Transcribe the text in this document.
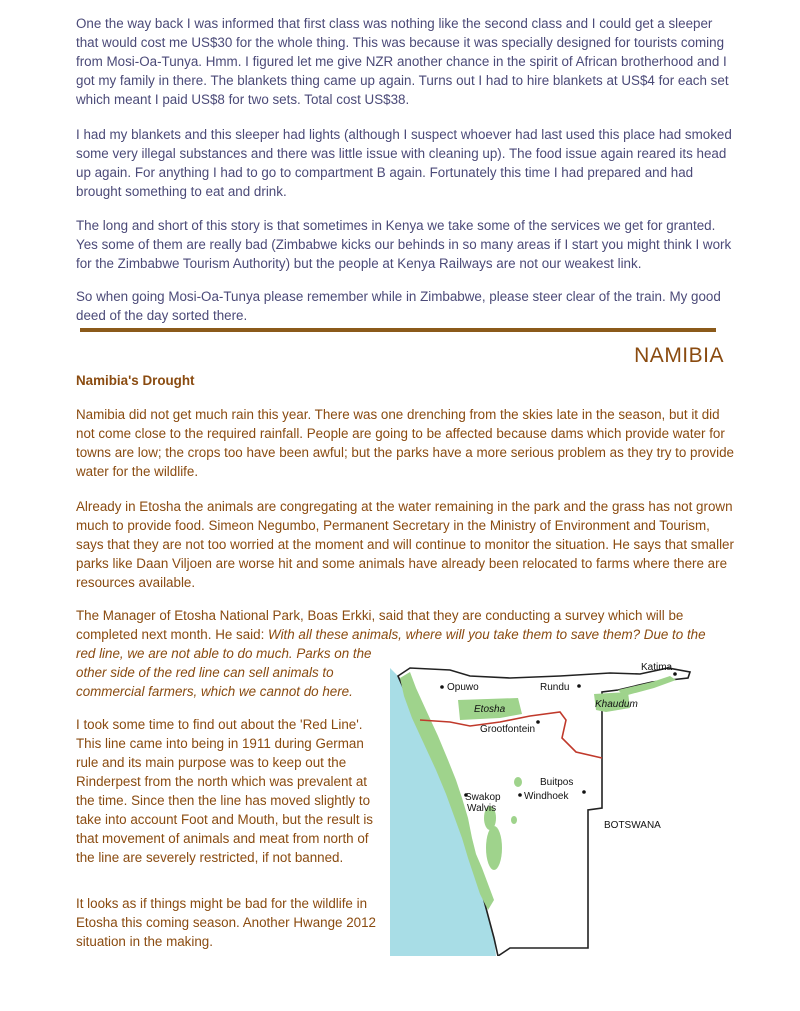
One the way back I was informed that first class was nothing like the second class and I could get a sleeper that would cost me US$30 for the whole thing. This was because it was specially designed for tourists coming from Mosi-Oa-Tunya. Hmm. I figured let me give NZR another chance in the spirit of African brotherhood and I got my family in there. The blankets thing came up again. Turns out I had to hire blankets at US$4 for each set which meant I paid US$8 for two sets. Total cost US$38.

I had my blankets and this sleeper had lights (although I suspect whoever had last used this place had smoked some very illegal substances and there was little issue with cleaning up). The food issue again reared its head up again. For anything I had to go to compartment B again. Fortunately this time I had prepared and had brought something to eat and drink.

The long and short of this story is that sometimes in Kenya we take some of the services we get for granted. Yes some of them are really bad (Zimbabwe kicks our behinds in so many areas if I start you might think I work for the Zimbabwe Tourism Authority) but the people at Kenya Railways are not our weakest link.

So when going Mosi-Oa-Tunya please remember while in Zimbabwe, please steer clear of the train. My good deed of the day sorted there.

NAMIBIA
Namibia's Drought

Namibia did not get much rain this year. There was one drenching from the skies late in the season, but it did not come close to the required rainfall. People are going to be affected because dams which provide water for towns are low; the crops too have been awful; but the parks have a more serious problem as they try to provide water for the wildlife.

Already in Etosha the animals are congregating at the water remaining in the park and the grass has not grown much to provide food. Simeon Negumbo, Permanent Secretary in the Ministry of Environment and Tourism, says that they are not too worried at the moment and will continue to monitor the situation. He says that smaller parks like Daan Viljoen are worse hit and some animals have already been relocated to farms where there are resources available.

The Manager of Etosha National Park, Boas Erkki, said that they are conducting a survey which will be
completed next month. He said: With all these animals, where will you take them to save them? Due to the
red line, we are not able to do much. Parks on the
other side of the red line can sell animals to
commercial farmers, which we cannot do here.

I took some time to find out about the 'Red Line'. This line came into being in 1911 during German rule and its main purpose was to keep out the Rinderpest from the north which was prevalent at the time. Since then the line has moved slightly to take into account Foot and Mouth, but the result is that movement of animals and meat from north of the line are severely restricted, if not banned.

It looks as if things might be bad for the wildlife in Etosha this coming season. Another Hwange 2012 situation in the making.

Katima
Rundu
Opuwo
Etosha	Khaudum
Grootfontein
Buitpos
Swakop
Walvis
Windhoek
BOTSWANA
